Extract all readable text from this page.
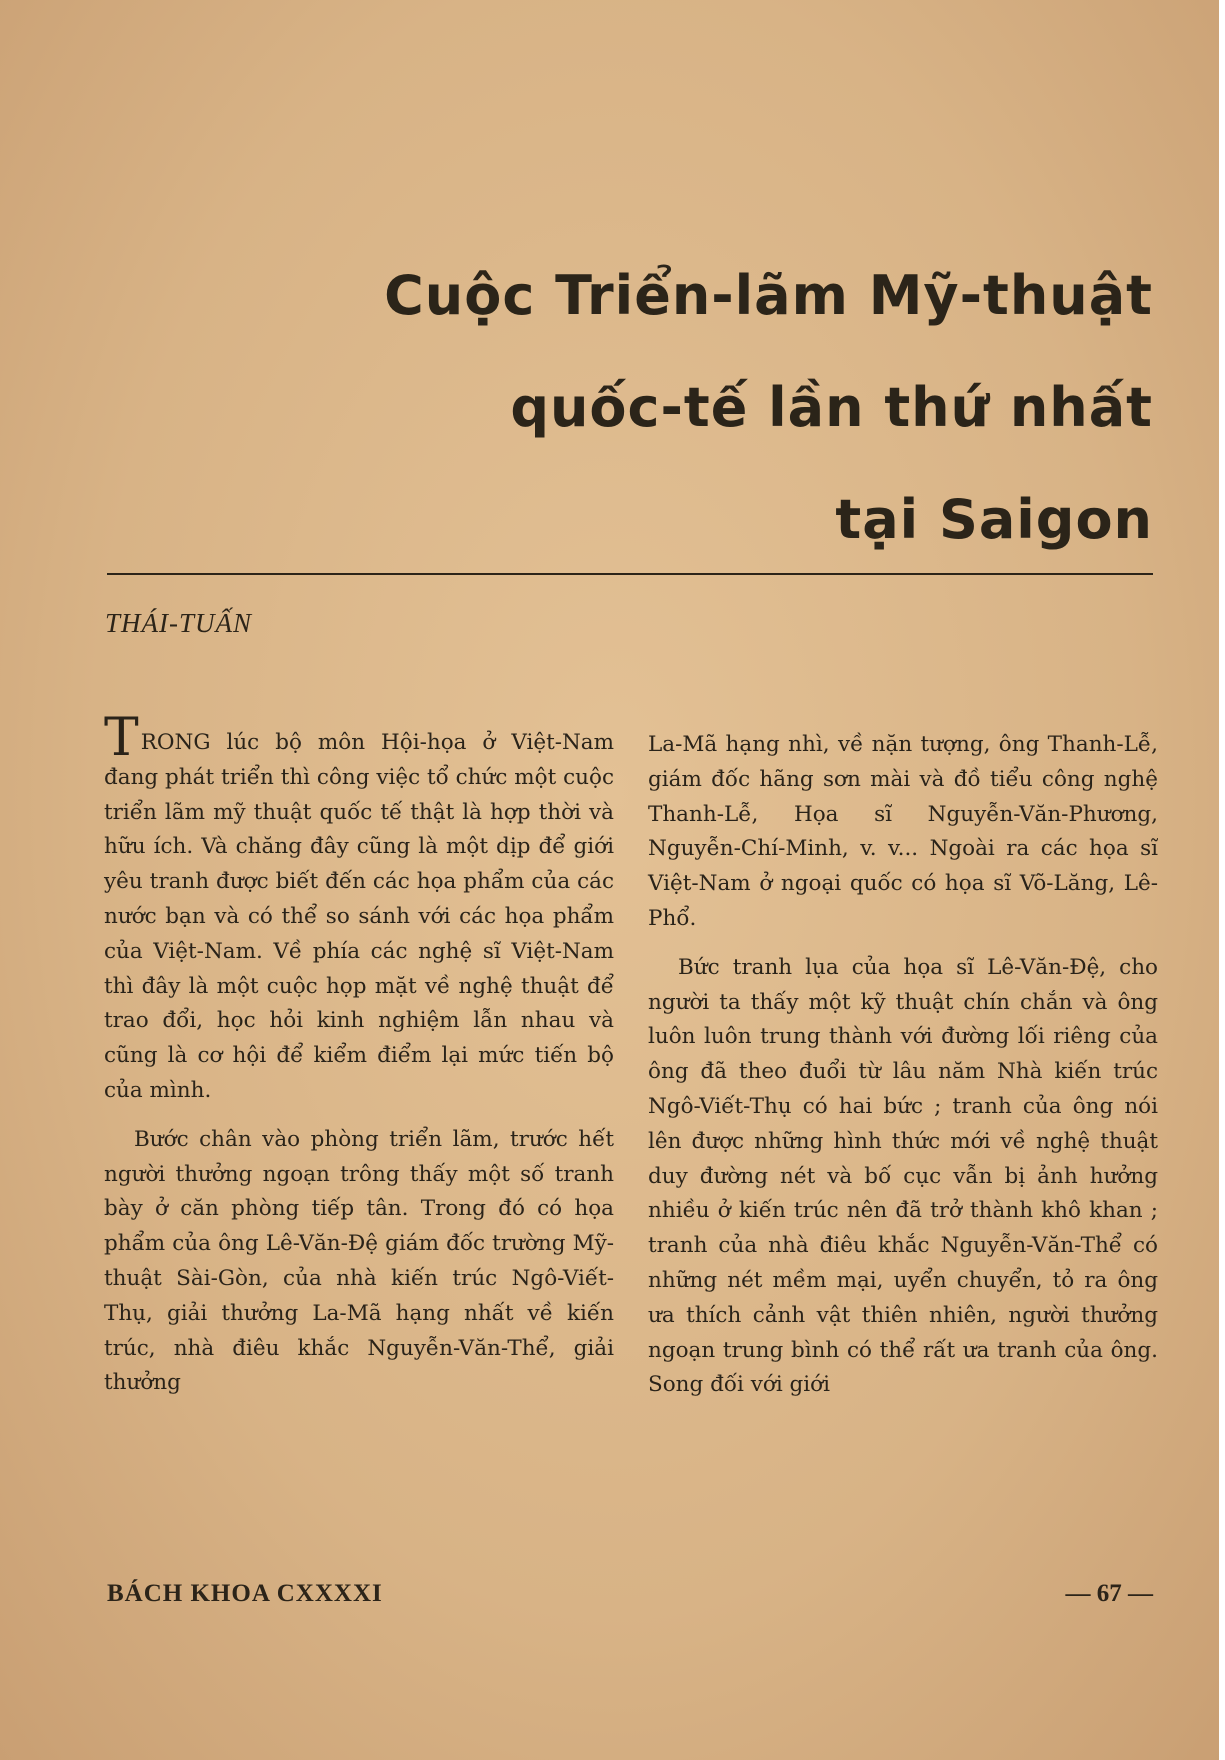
Cuộc Triển-lãm Mỹ-thuật
quốc-tế lần thứ nhất
tại Saigon
THÁI-TUẤN

TRONG lúc bộ môn Hội-họa ở Việt-Nam đang phát triển thì công việc tổ chức một cuộc triển lãm mỹ thuật quốc tế thật là hợp thời và hữu ích. Và chăng đây cũng là một dịp để giới yêu tranh được biết đến các họa phẩm của các nước bạn và có thể so sánh với các họa phẩm của Việt-Nam. Về phía các nghệ sĩ Việt-Nam thì đây là một cuộc họp mặt về nghệ thuật để trao đổi, học hỏi kinh nghiệm lẫn nhau và cũng là cơ hội để kiểm điểm lại mức tiến bộ của mình.

Bước chân vào phòng triển lãm, trước hết người thưởng ngoạn trông thấy một số tranh bày ở căn phòng tiếp tân. Trong đó có họa phẩm của ông Lê-Văn-Đệ giám đốc trường Mỹ-thuật Sài-Gòn, của nhà kiến trúc Ngô-Viết-Thụ, giải thưởng La-Mã hạng nhất về kiến trúc, nhà điêu khắc Nguyễn-Văn-Thể, giải thưởng

La-Mã hạng nhì, về nặn tượng, ông Thanh-Lễ, giám đốc hãng sơn mài và đồ tiểu công nghệ Thanh-Lễ, Họa sĩ Nguyễn-Văn-Phương, Nguyễn-Chí-Minh, v. v... Ngoài ra các họa sĩ Việt-Nam ở ngoại quốc có họa sĩ Võ-Lăng, Lê-Phổ.

Bức tranh lụa của họa sĩ Lê-Văn-Đệ, cho người ta thấy một kỹ thuật chín chắn và ông luôn luôn trung thành với đường lối riêng của ông đã theo đuổi từ lâu năm Nhà kiến trúc Ngô-Viết-Thụ có hai bức ; tranh của ông nói lên được những hình thức mới về nghệ thuật duy đường nét và bố cục vẫn bị ảnh hưởng nhiều ở kiến trúc nên đã trở thành khô khan ; tranh của nhà điêu khắc Nguyễn-Văn-Thể có những nét mềm mại, uyển chuyển, tỏ ra ông ưa thích cảnh vật thiên nhiên, người thưởng ngoạn trung bình có thể rất ưa tranh của ông. Song đối với giới

BÁCH KHOA CXXXXI	— 67 —
